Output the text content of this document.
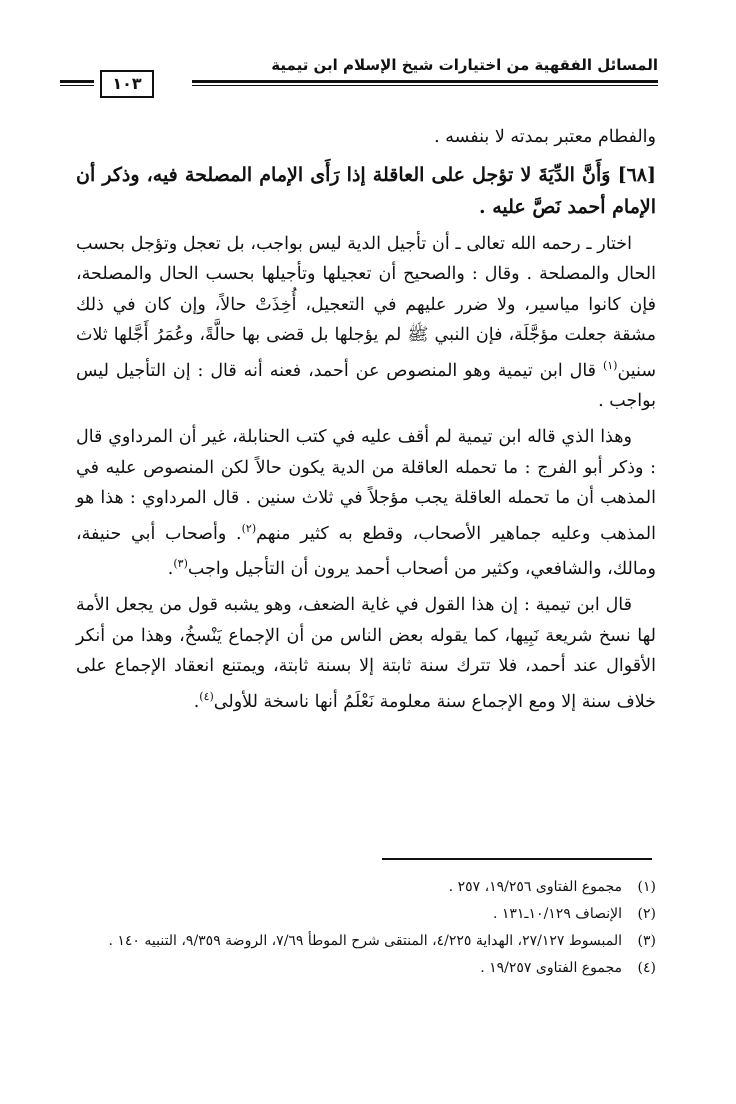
١٠٣
المسائل الفقهية من اختيارات شيخ الإسلام ابن تيمية

والفطام معتبر بمدته لا بنفسه .

[٦٨] وَأَنَّ الدِّيَةَ لا تؤجل على العاقلة إذا رَأَى الإمام المصلحة فيه، وذكر أن الإمام أحمد نَصَّ عليه .

اختار ـ رحمه الله تعالى ـ أن تأجيل الدية ليس بواجب، بل تعجل وتؤجل بحسب الحال والمصلحة . وقال : والصحيح أن تعجيلها وتأجيلها بحسب الحال والمصلحة، فإن كانوا مياسير، ولا ضرر عليهم في التعجيل، أُخِذَتْ حالاً، وإن كان في ذلك مشقة جعلت مؤجَّلَة، فإن النبي ﷺ لم يؤجلها بل قضى بها حالَّةً، وعُمَرُ أَجَّلها ثلاث سنين$^{(١)}$ قال ابن تيمية وهو المنصوص عن أحمد، فعنه أنه قال : إن التأجيل ليس بواجب .

وهذا الذي قاله ابن تيمية لم أقف عليه في كتب الحنابلة، غير أن المرداوي قال : وذكر أبو الفرج : ما تحمله العاقلة من الدية يكون حالاً لكن المنصوص عليه في المذهب أن ما تحمله العاقلة يجب مؤجلاً في ثلاث سنين . قال المرداوي : هذا هو المذهب وعليه جماهير الأصحاب، وقطع به كثير منهم$^{(٢)}$. وأصحاب أبي حنيفة، ومالك، والشافعي، وكثير من أصحاب أحمد يرون أن التأجيل واجب$^{(٣)}$.

قال ابن تيمية : إن هذا القول في غاية الضعف، وهو يشبه قول من يجعل الأمة لها نسخ شريعة نَبِيها، كما يقوله بعض الناس من أن الإجماع يَنْسخُ، وهذا من أنكر الأقوال عند أحمد، فلا تترك سنة ثابتة إلا بسنة ثابتة، ويمتنع انعقاد الإجماع على خلاف سنة إلا ومع الإجماع سنة معلومة نَعْلَمُ أنها ناسخة للأولى$^{(٤)}$.

(١)
مجموع الفتاوى ١٩/٢٥٦، ٢٥٧ .
(٢)
الإنصاف ١٠/١٢٩ـ١٣١ .
(٣)
المبسوط ٢٧/١٢٧، الهداية ٤/٢٢٥، المنتقى شرح الموطأ ٧/٦٩، الروضة ٩/٣٥٩، التنبيه ١٤٠ .
(٤)
مجموع الفتاوى ١٩/٢٥٧ .
